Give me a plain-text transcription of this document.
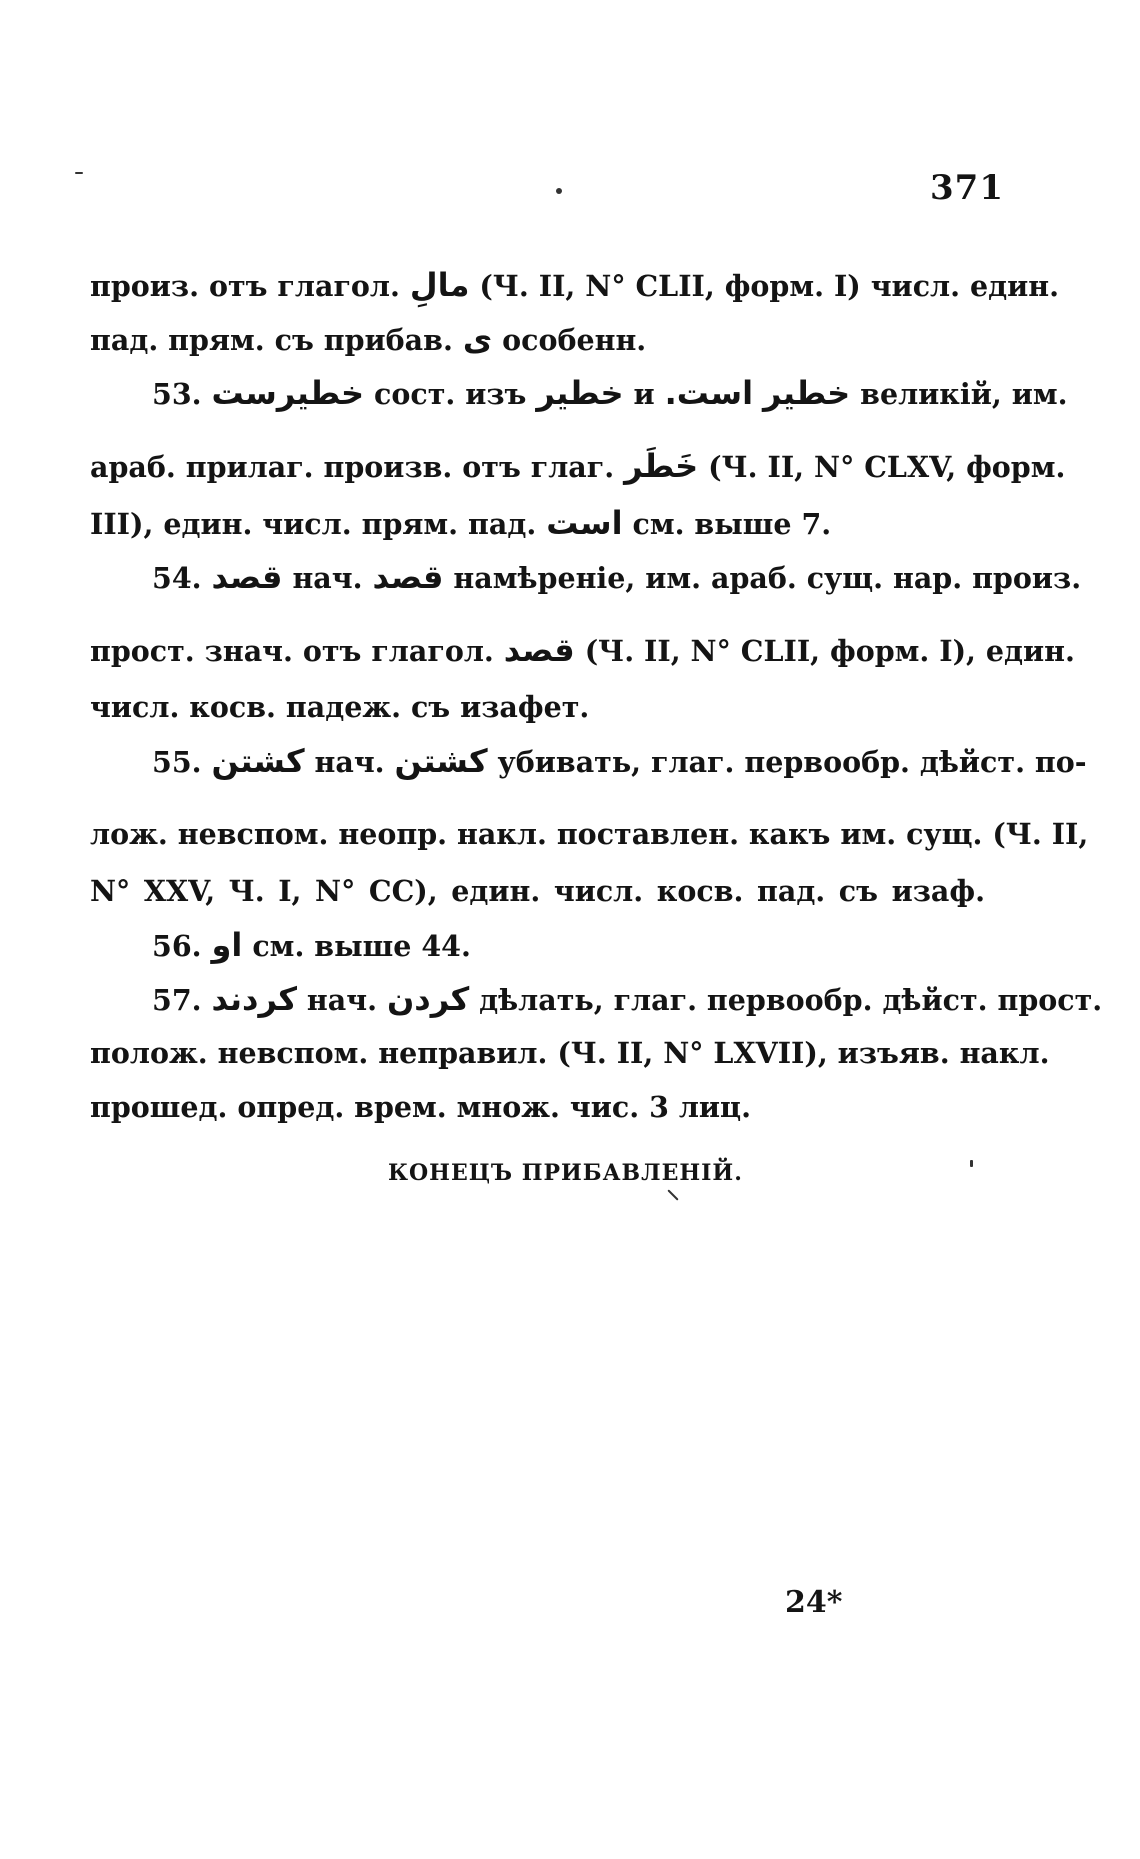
371
произ. отъ глагол. مالِ (Ч. II, N° CLII, форм. I) числ. един.
пад. прям. съ прибав. ى особенн.
53. خطيرست сост. изъ خطير и است. خطير великій, им.
араб. прилаг. произв. отъ глаг. خَطَر (Ч. II, N° CLXV, форм.
III), един. числ. прям. пад. است см. выше 7.
54. قصد нач. قصد намѣреніе, им. араб. сущ. нар. произ.
прост. знач. отъ глагол. قصد (Ч. II, N° CLII, форм. I), един.
числ. косв. падеж. съ изафет.
55. كشتن нач. كشتن убивать, глаг. первообр. дѣйст. по-
лож. невспом. неопр. накл. поставлен. какъ им. сущ. (Ч. II,
N° XXV, Ч. I, N° CC), един. числ. косв. пад. съ изаф.
56. او см. выше 44.
57. كردند нач. كردن дѣлать, глаг. первообр. дѣйст. прост.
полож. невспом. неправил. (Ч. II, N° LXVII), изъяв. накл.
прошед. опред. врем. множ. чис. 3 лиц.
КОНЕЦЪ ПРИБАВЛЕНІЙ.
24*
